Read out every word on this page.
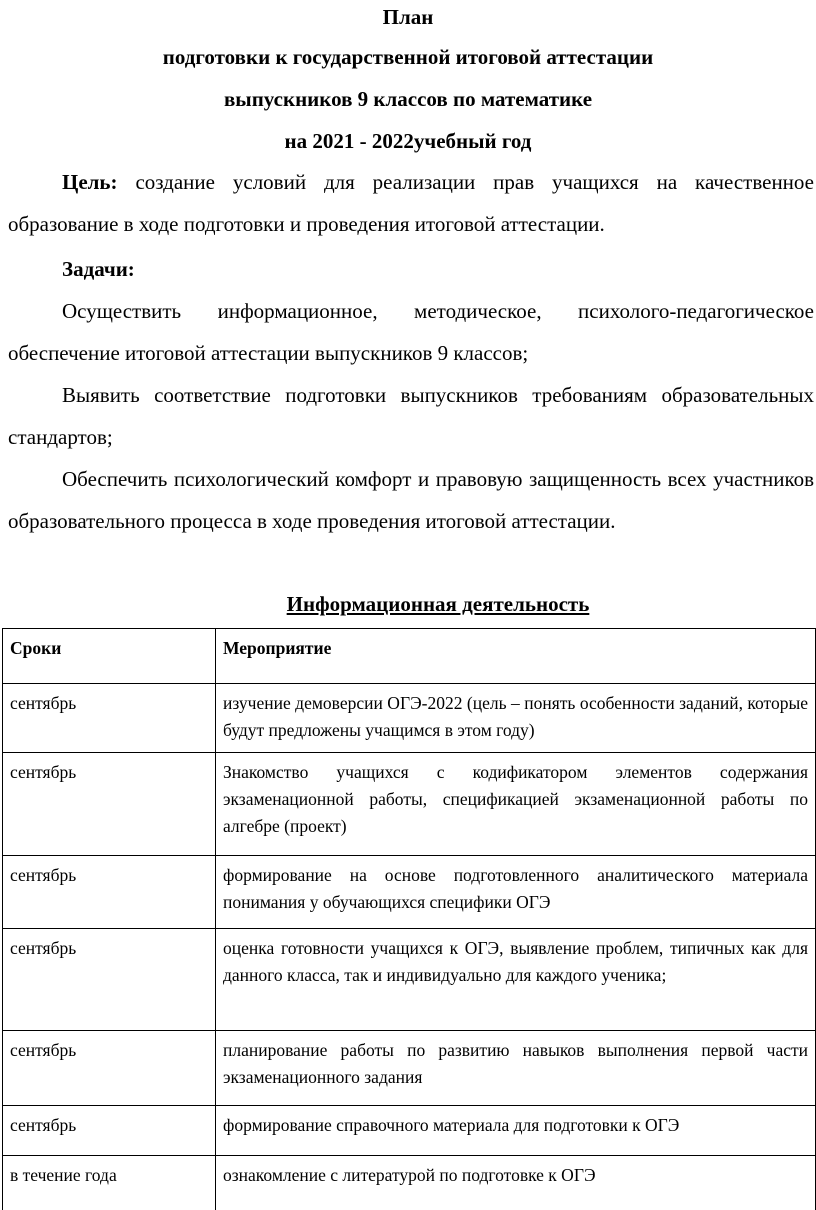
План
подготовки к государственной итоговой аттестации
выпускников 9 классов по математике
на 2021 - 2022учебный год

Цель: создание условий для реализации прав учащихся на качественное образование в ходе подготовки и проведения итоговой аттестации.

Задачи:

Осуществить информационное, методическое, психолого-педагогическое обеспечение итоговой аттестации выпускников 9 классов;

Выявить соответствие подготовки выпускников требованиям образовательных стандартов;

Обеспечить психологический комфорт и правовую защищенность всех участников образовательного процесса в ходе проведения итоговой аттестации.

Информационная деятельность
Сроки	Мероприятие
сентябрь	изучение демоверсии ОГЭ-2022 (цель – понять особенности заданий, которые будут предложены учащимся в этом году)
сентябрь	Знакомство учащихся с кодификатором элементов содержания экзаменационной работы, спецификацией экзаменационной работы по алгебре (проект)
сентябрь	формирование на основе подготовленного аналитического материала понимания у обучающихся специфики ОГЭ
сентябрь	оценка готовности учащихся к ОГЭ, выявление проблем, типичных как для данного класса, так и индивидуально для каждого ученика;
сентябрь	планирование работы по развитию навыков выполнения первой части экзаменационного задания
сентябрь	формирование справочного материала для подготовки к ОГЭ
в течение года	ознакомление с литературой по подготовке к ОГЭ
